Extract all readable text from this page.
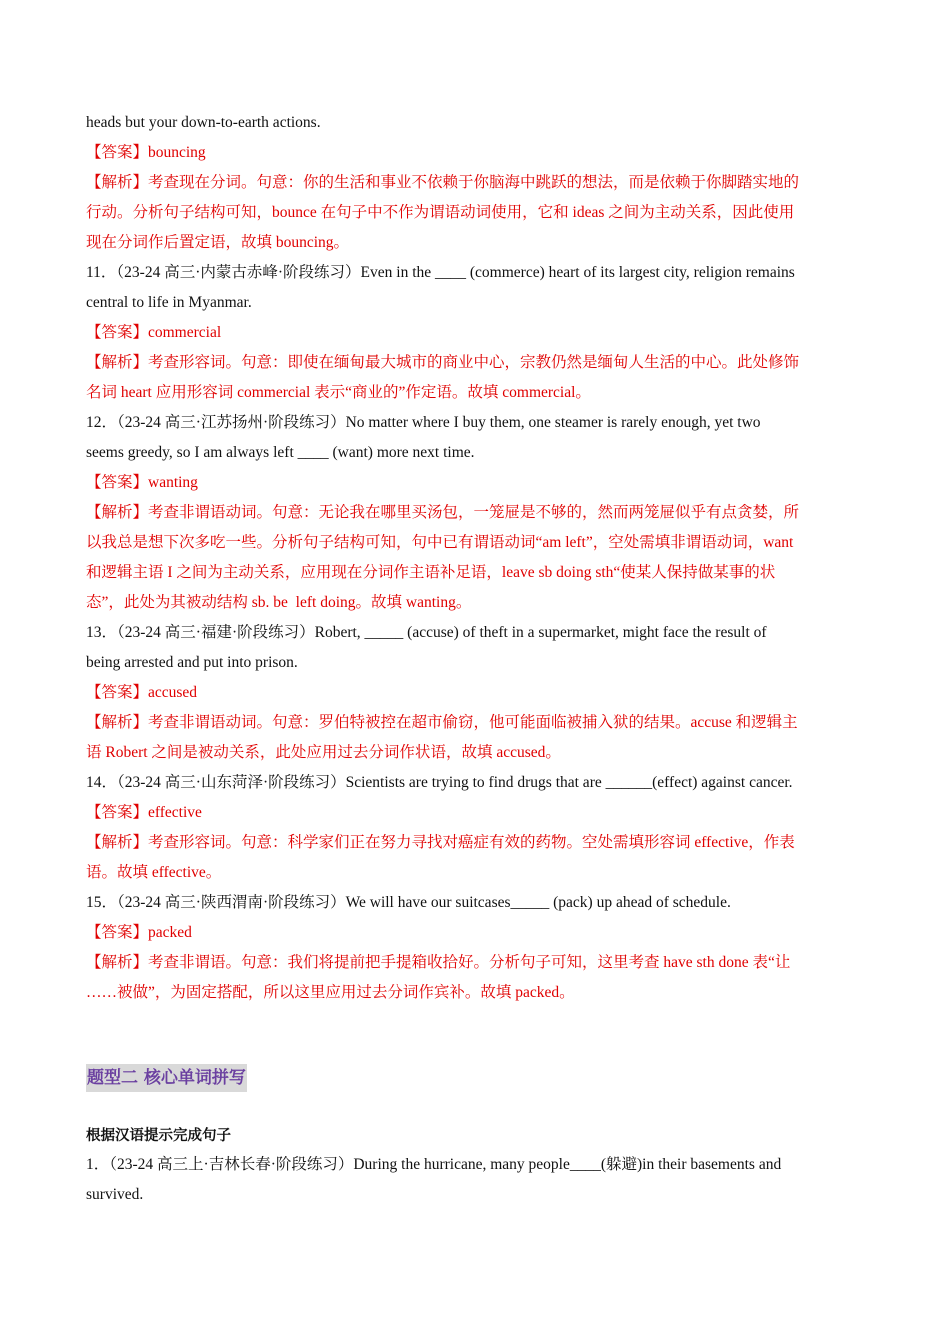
heads but your down-to-earth actions.
【答案】bouncing
【解析】考查现在分词。句意：你的生活和事业不依赖于你脑海中跳跃的想法，而是依赖于你脚踏实地的
行动。分析句子结构可知，bounce 在句子中不作为谓语动词使用，它和 ideas 之间为主动关系，因此使用
现在分词作后置定语，故填 bouncing。
11．（23-24 高三·内蒙古赤峰·阶段练习）Even in the ____ (commerce) heart of its largest city, religion remains
central to life in Myanmar.
【答案】commercial
【解析】考查形容词。句意：即使在缅甸最大城市的商业中心，宗教仍然是缅甸人生活的中心。此处修饰
名词 heart 应用形容词 commercial 表示“商业的”作定语。故填 commercial。
12．（23-24 高三·江苏扬州·阶段练习）No matter where I buy them, one steamer is rarely enough, yet two
seems greedy, so I am always left ____ (want) more next time.
【答案】wanting
【解析】考查非谓语动词。句意：无论我在哪里买汤包，一笼屉是不够的，然而两笼屉似乎有点贪婪，所
以我总是想下次多吃一些。分析句子结构可知，句中已有谓语动词“am left”，空处需填非谓语动词，want
和逻辑主语 I 之间为主动关系，应用现在分词作主语补足语，leave sb doing sth“使某人保持做某事的状
态”，此处为其被动结构 sb. be  left doing。故填 wanting。
13．（23-24 高三·福建·阶段练习）Robert, _____ (accuse) of theft in a supermarket, might face the result of
being arrested and put into prison.
【答案】accused
【解析】考查非谓语动词。句意：罗伯特被控在超市偷窃，他可能面临被捕入狱的结果。accuse 和逻辑主
语 Robert 之间是被动关系，此处应用过去分词作状语，故填 accused。
14．（23-24 高三·山东菏泽·阶段练习）Scientists are trying to find drugs that are ______(effect) against cancer.
【答案】effective
【解析】考查形容词。句意：科学家们正在努力寻找对癌症有效的药物。空处需填形容词 effective，作表
语。故填 effective。
15．（23-24 高三·陕西渭南·阶段练习）We will have our suitcases_____ (pack) up ahead of schedule.
【答案】packed
【解析】考查非谓语。句意：我们将提前把手提箱收拾好。分析句子可知，这里考查 have sth done 表“让
……被做”，为固定搭配，所以这里应用过去分词作宾补。故填 packed。
题型二 核心单词拼写
根据汉语提示完成句子
1．（23-24 高三上·吉林长春·阶段练习）During the hurricane, many people____(躲避)in their basements and
survived.
